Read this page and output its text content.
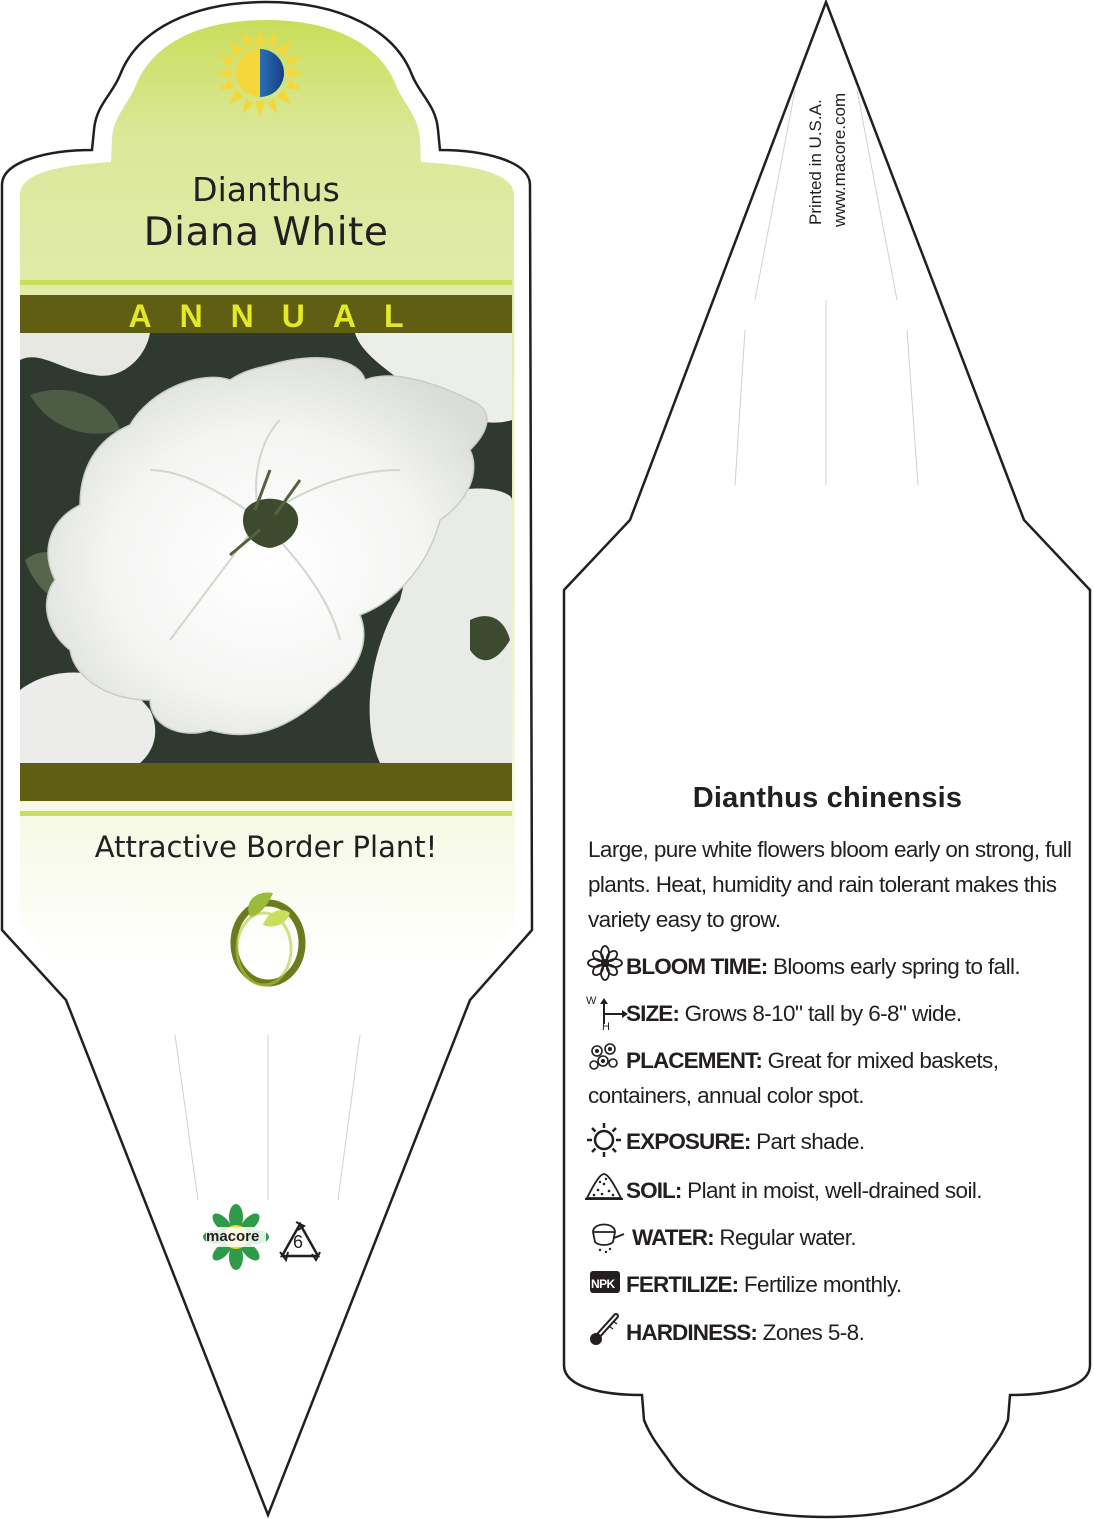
Dianthus
Diana White
ANNUAL
Attractive Border Plant!
macore 6
Printed in U.S.A. www.macore.com
Dianthus chinensis
Large, pure white flowers bloom early on strong, full plants. Heat, humidity and rain tolerant makes this variety easy to grow.
BLOOM TIME: Blooms early spring to fall.
W
H
SIZE: Grows 8-10" tall by 6-8" wide.
PLACEMENT: Great for mixed baskets, containers, annual color spot.
EXPOSURE: Part shade.
SOIL: Plant in moist, well-drained soil.
WATER: Regular water.
NPK FERTILIZE: Fertilize monthly.
HARDINESS: Zones 5-8.
